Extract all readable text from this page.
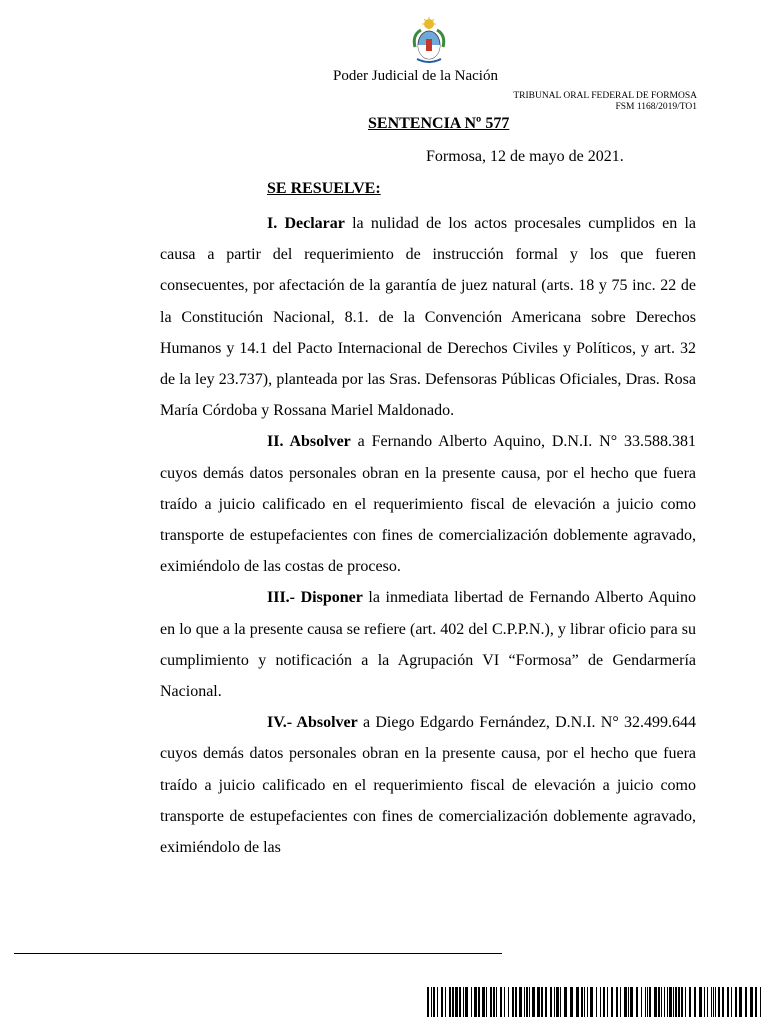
Poder Judicial de la Nación
TRIBUNAL ORAL FEDERAL DE FORMOSA
FSM 1168/2019/TO1
SENTENCIA Nº 577
Formosa, 12 de mayo de 2021.
SE RESUELVE:

I. Declarar la nulidad de los actos procesales cumplidos en la causa a partir del requerimiento de instrucción formal y los que fueren consecuentes, por afectación de la garantía de juez natural (arts. 18 y 75 inc. 22 de la Constitución Nacional, 8.1. de la Convención Americana sobre Derechos Humanos y 14.1 del Pacto Internacional de Derechos Civiles y Políticos, y art. 32 de la ley 23.737), planteada por las Sras. Defensoras Públicas Oficiales, Dras. Rosa María Córdoba y Rossana Mariel Maldonado.

II. Absolver a Fernando Alberto Aquino, D.N.I. N° 33.588.381 cuyos demás datos personales obran en la presente causa, por el hecho que fuera traído a juicio calificado en el requerimiento fiscal de elevación a juicio como transporte de estupefacientes con fines de comercialización doblemente agravado, eximiéndolo de las costas de proceso.

III.- Disponer la inmediata libertad de Fernando Alberto Aquino en lo que a la presente causa se refiere (art. 402 del C.P.P.N.), y librar oficio para su cumplimiento y notificación a la Agrupación VI “Formosa” de Gendarmería Nacional.

IV.- Absolver a Diego Edgardo Fernández, D.N.I. N° 32.499.644 cuyos demás datos personales obran en la presente causa, por el hecho que fuera traído a juicio calificado en el requerimiento fiscal de elevación a juicio como transporte de estupefacientes con fines de comercialización doblemente agravado, eximiéndolo de las
